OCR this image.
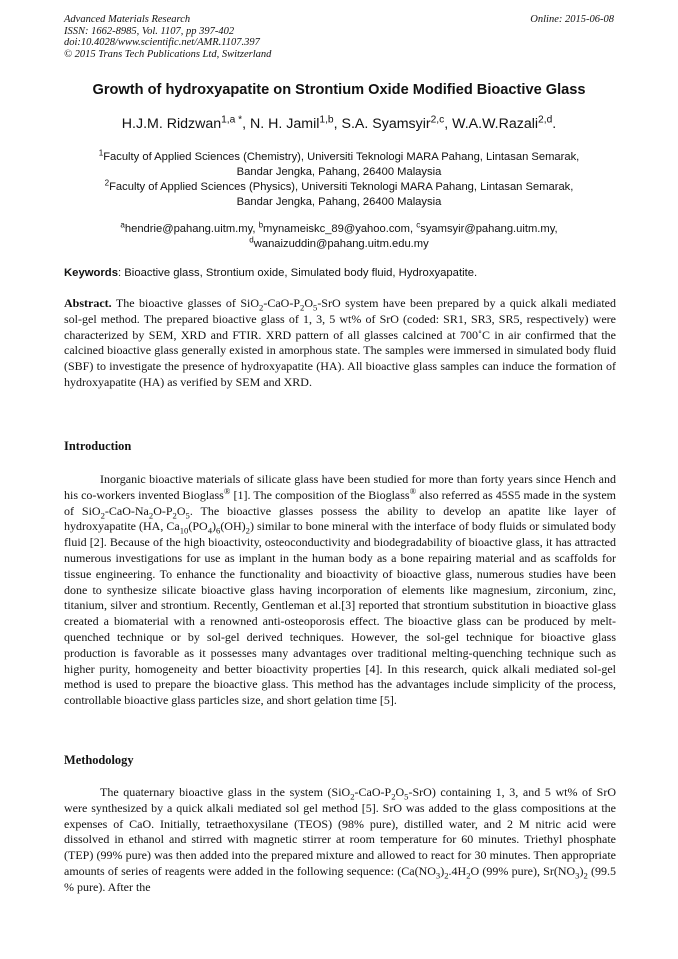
Advanced Materials Research
ISSN: 1662-8985, Vol. 1107, pp 397-402
doi:10.4028/www.scientific.net/AMR.1107.397
© 2015 Trans Tech Publications Ltd, Switzerland
Online: 2015-06-08
Growth of hydroxyapatite on Strontium Oxide Modified Bioactive Glass
H.J.M. Ridzwan$^{1,a *}$, N. H. Jamil$^{1,b}$, S.A. Syamsyir$^{2,c}$, W.A.W.Razali$^{2,d}$.
$^1$Faculty of Applied Sciences (Chemistry), Universiti Teknologi MARA Pahang, Lintasan Semarak,
Bandar Jengka, Pahang, 26400 Malaysia
$^2$Faculty of Applied Sciences (Physics), Universiti Teknologi MARA Pahang, Lintasan Semarak,
Bandar Jengka, Pahang, 26400 Malaysia
$^a$hendrie@pahang.uitm.my, $^b$mynameiskc_89@yahoo.com, $^c$syamsyir@pahang.uitm.my,
$^d$wanaizuddin@pahang.uitm.edu.my
Keywords: Bioactive glass, Strontium oxide, Simulated body fluid, Hydroxyapatite.
Abstract. The bioactive glasses of $SiO_2-CaO-P_2O_5$-SrO system have been prepared by a quick alkali mediated sol-gel method. The prepared bioactive glass of 1, 3, 5 wt% of SrO (coded: SR1, SR3, SR5, respectively) were characterized by SEM, XRD and FTIR. XRD pattern of all glasses calcined at 700˚C in air confirmed that the calcined bioactive glass generally existed in amorphous state. The samples were immersed in simulated body fluid (SBF) to investigate the presence of hydroxyapatite (HA). All bioactive glass samples can induce the formation of hydroxyapatite (HA) as verified by SEM and XRD.
Introduction
Inorganic bioactive materials of silicate glass have been studied for more than forty years since Hench and his co-workers invented Bioglass® [1]. The composition of the Bioglass® also referred as 45S5 made in the system of $SiO_2-CaO-Na_2O-P_2O_5$. The bioactive glasses possess the ability to develop an apatite like layer of hydroxyapatite (HA, $Ca_{10}(PO_4)_6(OH)_2$) similar to bone mineral with the interface of body fluids or simulated body fluid [2]. Because of the high bioactivity, osteoconductivity and biodegradability of bioactive glass, it has attracted numerous investigations for use as implant in the human body as a bone repairing material and as scaffolds for tissue engineering. To enhance the functionality and bioactivity of bioactive glass, numerous studies have been done to synthesize silicate bioactive glass having incorporation of elements like magnesium, zirconium, zinc, titanium, silver and strontium. Recently, Gentleman et al.[3] reported that strontium substitution in bioactive glass created a biomaterial with a renowned anti-osteoporosis effect. The bioactive glass can be produced by melt-quenched technique or by sol-gel derived techniques. However, the sol-gel technique for bioactive glass production is favorable as it possesses many advantages over traditional melting-quenching technique such as higher purity, homogeneity and better bioactivity properties [4]. In this research, quick alkali mediated sol-gel method is used to prepare the bioactive glass. This method has the advantages include simplicity of the process, controllable bioactive glass particles size, and short gelation time [5].
Methodology
The quaternary bioactive glass in the system $(SiO_2-CaO-P_2O_5-SrO)$ containing 1, 3, and 5 wt% of SrO were synthesized by a quick alkali mediated sol gel method [5]. SrO was added to the glass compositions at the expenses of CaO. Initially, tetraethoxysilane (TEOS) (98% pure), distilled water, and 2 M nitric acid were dissolved in ethanol and stirred with magnetic stirrer at room temperature for 60 minutes. Triethyl phosphate (TEP) (99% pure) was then added into the prepared mixture and allowed to react for 30 minutes. Then appropriate amounts of series of reagents were added in the following sequence: ($Ca(NO_3)_2.4H_2O$ (99% pure), $Sr(NO_3)_2$ (99.5 % pure). After the
